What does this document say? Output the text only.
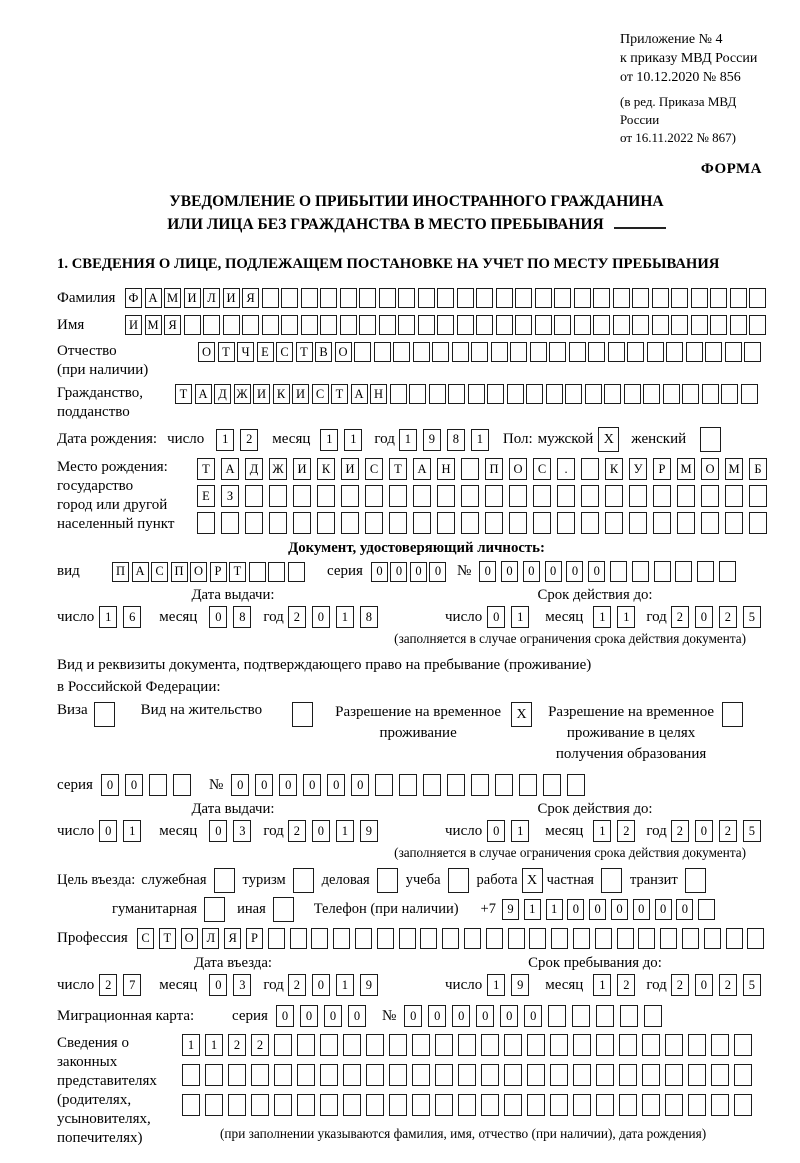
Приложение № 4
к приказу МВД России
от 10.12.2020 № 856
(в ред. Приказа МВД России
от 16.11.2022 № 867)
ФОРМА
УВЕДОМЛЕНИЕ О ПРИБЫТИИ ИНОСТРАННОГО ГРАЖДАНИНА
ИЛИ ЛИЦА БЕЗ ГРАЖДАНСТВА В МЕСТО ПРЕБЫВАНИЯ
1. СВЕДЕНИЯ О ЛИЦЕ, ПОДЛЕЖАЩЕМ ПОСТАНОВКЕ НА УЧЕТ ПО МЕСТУ ПРЕБЫВАНИЯ
Фамилия	Ф А М И Л И Я
Имя	И М Я
Отчество
(при наличии)
О Т Ч Е С Т В О
Гражданство,
подданство
Т А Д Ж И К И С Т А Н
Дата рождения: число	1	2	месяц	1	1	год 1	9	8	1	Пол: мужской X	женский
Место рождения:
государство
город или другой
населенный пункт
Т	А	Д	Ж	И	К	И	С	Т	А	Н	П	О	С	.	К	У	Р	М	О	М	Б
Е	З
Документ, удостоверяющий личность:
вид	П А С П О Р Т	серия	0	0	0	0	№	0	0	0	0	0	0
Дата выдачи:	Срок действия до:
число 1	6	месяц	0	8	год 2	0	1	8	число 0	1	месяц	1	1	год 2	0	2	5
(заполняется в случае ограничения срока действия документа)
Вид и реквизиты документа, подтверждающего право на пребывание (проживание)
в Российской Федерации:
Виза	Вид на жительство	Разрешение на временное
проживание
X	Разрешение на временное
проживание в целях
получения образования
серия	0	0	№	0	0	0	0	0	0
Дата выдачи:	Срок действия до:
число 0	1	месяц	0	3	год 2	0	1	9	число 0	1	месяц	1	2	год 2	0	2	5
(заполняется в случае ограничения срока действия документа)
Цель въезда: служебная туризм деловая учеба работа X частная транзит
гуманитарная	иная	Телефон (при наличии) +7 9	1	1	0	0	0	0	0	0
Профессия	С	Т	О	Л	Я	Р
Дата въезда:	Срок пребывания до:
число 2	7	месяц	0	3	год 2	0	1	9	число 1	9	месяц	1	2	год 2	0	2	5
Миграционная карта:	серия	0	0	0	0	№	0	0	0	0	0	0
Сведения о
законных
представителях
(родителях,
усыновителях,
попечителях)
1	1	2	2
(при заполнении указываются фамилия, имя, отчество (при наличии), дата рождения)
